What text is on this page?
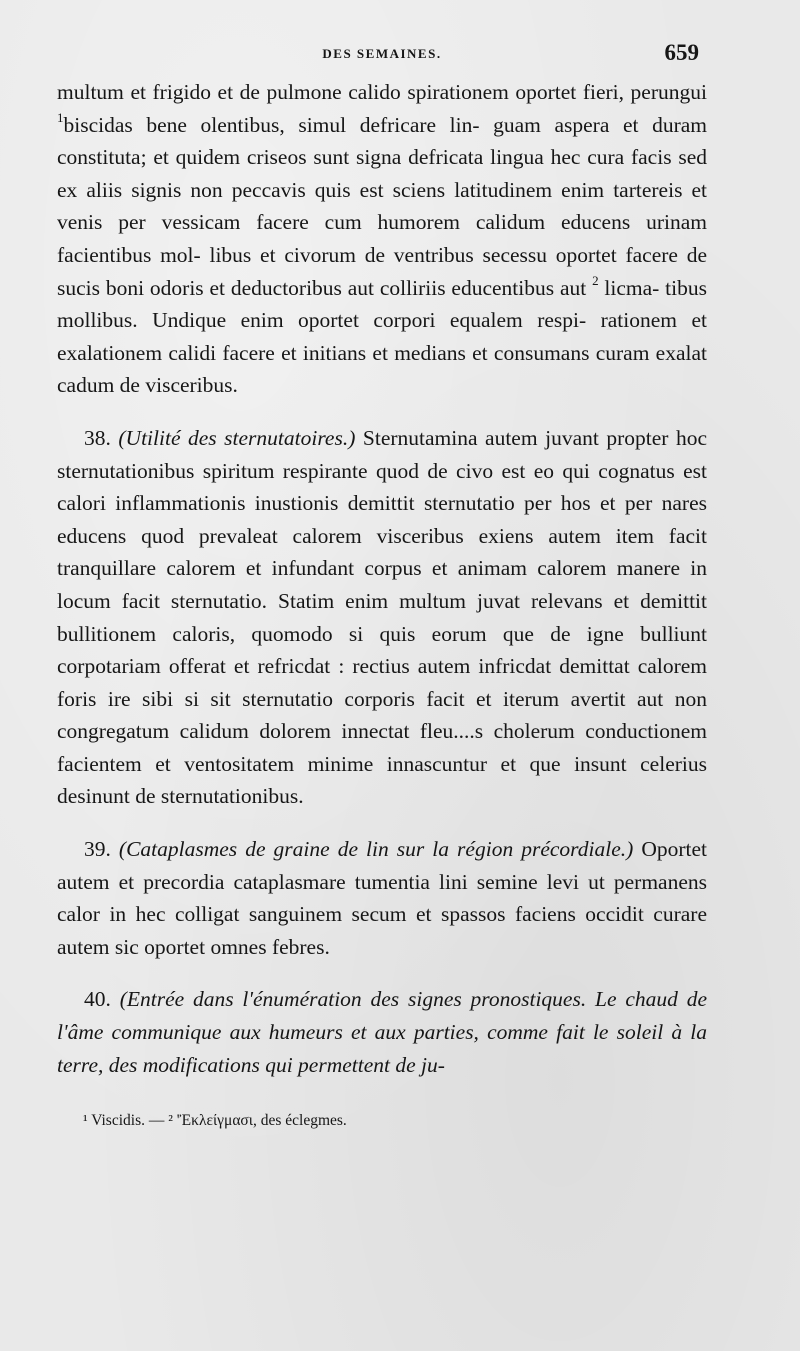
DES SEMAINES.	659

multum et frigido et de pulmone calido spirationem oportet fieri, perungui $^1$biscidas bene olentibus, simul defricare lin- guam aspera et duram constituta; et quidem criseos sunt signa defricata lingua hec cura facis sed ex aliis signis non peccavis quis est sciens latitudinem enim tartereis et venis per vessicam facere cum humorem calidum educens urinam facientibus mol- libus et civorum de ventribus secessu oportet facere de sucis boni odoris et deductoribus aut colliriis educentibus aut $^2$ licma- tibus mollibus. Undique enim oportet corpori equalem respi- rationem et exalationem calidi facere et initians et medians et consumans curam exalat cadum de visceribus.

38. (Utilité des sternutatoires.) Sternutamina autem juvant propter hoc sternutationibus spiritum respirante quod de civo est eo qui cognatus est calori inflammationis inustionis demittit sternutatio per hos et per nares educens quod prevaleat calorem visceribus exiens autem item facit tranquillare calorem et infundant corpus et animam calorem manere in locum facit sternutatio. Statim enim multum juvat relevans et demittit bullitionem caloris, quomodo si quis eorum que de igne bulliunt corpotariam offerat et refricdat : rectius autem infricdat demittat calorem foris ire sibi si sit sternutatio corporis facit et iterum avertit aut non congregatum calidum dolorem innectat fleu....s cholerum conductionem facientem et ventositatem minime innascuntur et que insunt celerius desinunt de sternutationibus.

39. (Cataplasmes de graine de lin sur la région précordiale.) Oportet autem et precordia cataplasmare tumentia lini semine levi ut permanens calor in hec colligat sanguinem secum et spassos faciens occidit curare autem sic oportet omnes febres.

40. (Entrée dans l'énumération des signes pronostiques. Le chaud de l'âme communique aux humeurs et aux parties, comme fait le soleil à la terre, des modifications qui permettent de ju-

¹ Viscidis. — ² 'Ἐκλείγμασι, des éclegmes.
